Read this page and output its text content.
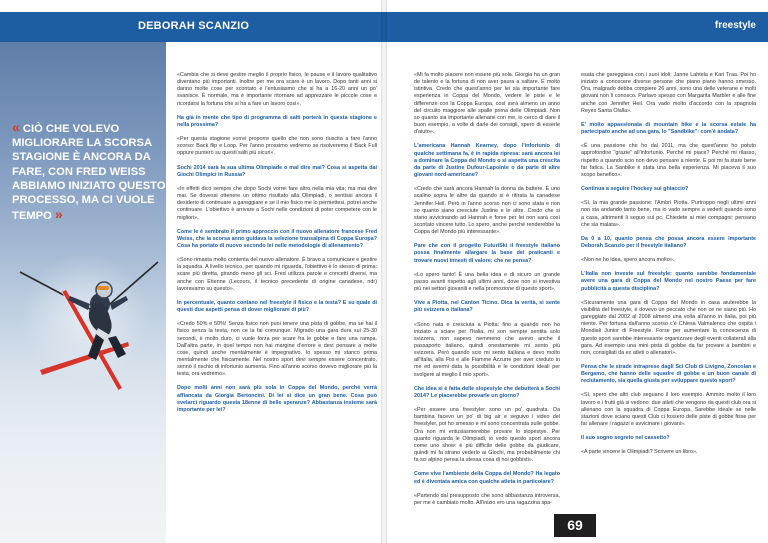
DEBORAH SCANZIO
« CIÒ CHE VOLEVO MIGLIORARE LA SCORSA STAGIONE È ANCORA DA FARE, CON FRED WEISS ABBIAMO INIZIATO QUESTO PROCESSO, MA CI VUOLE TEMPO »

«Cambia che si deve gestire meglio il proprio fisico, le pause e il lavoro qualitativo diventano più importanti. Inoltre per me ora scare è un lavoro. Dopo tanti anni si danno molte cose per scontato e l'entusiasmo che si ha a 16-20 anni un po' svanisce. È normale, ma è importante ritornare ad apprezzare le piccole cose e ricordarsi la fortuna che si ha a fare un lavoro così».

Ha già in mente che tipo di programma di salti porterà in questa stagione e nella prossima?

«Per questa stagione vorrei proporre quello che non sono riuscita a fare l'anno scorso: Back flip e Loop. Per l'anno prossimo vedremo se risolveremo il Back Full oppure punterò su questi salti più sicuri».

Sochi 2014 sarà la sua ultima Olimpiade o mai dire mai? Cosa si aspetta dai Giochi Olimpici in Russia?

«In effetti dico sempre che dopo Sochi vorrei fare altro nella mia vita; ma mai dire mai. Se dovessi ottenere un ottimo risultato alla Olimpiadi, o sentissi ancora il desiderio di continuare a gareggiare e se il mio fisico me lo permettesi, potrei anche continuare. L'obiettivo è arrivare a Sochi nelle condizioni di poter competere con le migliori».

Come le è sembrato il primo approccio con il nuovo allenatore francese Fred Weiss, che la scorsa anno guidava la selezione transalpina di Coppa Europa? Cosa ha portato di nuovo secondo lei nelle metodologie di allenamento?

«Sono rimasta molto contenta del nuovo allenatore. È bravo a comunicare e gestire la squadra. A livello tecnico, per quando mi riguarda, l'obiettivo è lo stesso di prima: scare più diretta, girando meno gli sci. Fred utilizza parole e concetti diversi, ma anche con Etienne (Lecours, il tecnico precedente di origine canadese, ndr) lavoravamo su questo».

In percentuale, quanto contano nel freestyle il fisico e la testa? E su quale di questi due aspetti pensa di dover migliorare di più?

«Credo 50% e 50%! Senza fisico non puoi tenere una pista di gobbe, ma se hai il fisico senza la testa, non ce la fai comunque. Migrado una gara dura sui 25-30 secondi, è molto duro, ci vuole forza per scare fra le gobbe e fare una rampa. Dall'altra parte, in quel tempo non hai margine d'errore e devi pensare a molte cose, quindi anche mentalmente è impegnativo. Io spesso mi stanco prima mentalmente che fisicamente. Nel nostro sport devi sempre essere concentrato, sennò il rischio di infortunio aumenta. Fino all'anno scorso dovevo migliorare più la testa, ora vedremo».

Dopo molti anni non sarà più sola in Coppa del Mondo, perché verrà affiancata da Giorgia Bertoncini. Di lei si dice un gran bene. Cosa può svelarci riguardo questa 18enne di belle speranze? Abbastanza insieme sarà importante per lei?

freestyle

«Mi fa molto piacere non essere più sola. Giorgia ha un gran de talento e la fortuna di non aver paura a saltare. È molto istintiva. Credo che quest'anno per lei sia importante fare esperienza in Coppa del Mondo, vedere le piste e le differenze con la Coppa Europa, così avrà almeno un anno del circuito maggiore alle spalle prima delle Olimpiadi. Non so quanto sia importante allenarsi con me, io cerco di dare il buon esempio, a volte di darle dei consigli, spero di esserle d'aiuto».

L'americana Hannah Kearney, dopo l'infortunio di qualche settimana fa, è in rapida ripresa: sarà ancora lei a dominare la Coppa del Mondo o si aspetta una crescita da parte di Justine Dufour-Lapointe o da parte di altre giovani nord-americane?

«Credo che sarà ancora Hannah la donna da battere. È uno scalino sopra le altre da quando si è ritirata la canadese Jennifer Heil. Però in l'anno scorso non ci sono stata e non so quanto siano cresciute Justine e le altre. Credo che si stano avvicinando ad Hannah e forse per lei non sarà così scontato vincere tutto. Lo spero, anche perché renderebbe la Coppa del Mondo più interessante».

Pare che con il progetto FuturiSki il freestyle italiano possa finalmente allargare la base dei praticanti e trovare nuovi innesti di valore: che ne pensa?

«Lo spero tanto! È una bella idea e di sicuro un grande passo avanti rispetto agli ultimi anni, dove non si investiva più nei settori giovanili e nella promozione di questo sport».

Vive a Piotta, nel Canton Ticino. Dica la verità, si sente più svizzera o italiana?

«Sono nata e cresciuta a Piotta: fino a quando non ho iniziato a sciare per l'Italia, mi son sempre sentita solo svizzera, non sapevo nemmeno che avevo anche il passaporto italiano, quindi onestamente mi sento più svizzera. Però quando scio mi sento italiana e devo molto all'Italia, alla Fisi e alle Fiamme Azzurre per aver creduto in me ed avermi data la possibilità e le condizioni ideali per svolgere al meglio il mio sport».

Che idea si è fatta delle slopestyle che debutterà a Sochi 2014? Le piacerebbe provarle un giorno?

«Per essere una freestyler sono un po' quadrata. Da bambina facevo un po' di big air e seguivo i video del freestyler, poi ho smesso e mi sono concentrata sulle gobbe. Ora non mi entusiasmerebbe provare lo slopestye. Per quanto riguarda le Olimpiadi, io vedo questo sport ancora come uno show: è più difficile delle gobbe da giudicare, quindi mi fa strano vederlo ai Giochi, ma probabilmente chi fa sci alpino pensa la stessa cosa di noi gobbisti».

Come vive l'ambiente della Coppa del Mondo? Ha legato ed è diventata amica con qualche atleta in particolare?

«Partendo dal presupposto che sono abbastanza introversa, per me è cambiato molto. All'inizio ero una ragazzina spa-

esata che gareggiava con i suoi idoli: Janne Lahtela e Kari Traa. Poi ho iniziato a conoscere diverse persone che piano piano hanno smesso. Ora, malgrado debba compiere 26 anni, sono una delle veterane e molti giovani non li conosco. Parlavo spesso con Margarita Marbler e alle fine anche con Jennifer Heil. Ora vado molto d'accordo con la spagnola Reyes Santa Olalla».

E' molto appassionata di mountain bike e la scorsa estate ha partecipato anche ad una gara, lo "Sandbike": com'è andata?

«È una passione che ho dal 2011, ma che quest'anno ho potuto approfondire "grazie" all'infortunio. Perché mi piace? Perché mi rilasso, rispetto a quando scio non devo pensare a niente. E poi mi fa stare bene far fatica. La Sanbike è stata una bella esperienza. Mi piacevа il suo scopo benefico».

Continua a seguire l'hockey sul ghiaccio?

«Sì, la mia grande passione: l'Ambrì Piotta. Purtroppo negli ultimi anni non sta andando tanto bene, ma io vado sempre a vederli quando sono a casa, altrimenti li seguo sul pc. Chiedete ai miei compagni: pensano che sia malata».

Da 0 a 10, quanto pensa che possa ancora essere importante Deborah Scanzio per il freestyle italiano?

«Non ne ho idea, spero ancora molto».

L'Italia non investe sul freestyle: quanto sarebbe fondamentale avere una gara di Coppa del Mondo nel nostro Paese per fare pubblicità a questa disciplina?

«Sicuramente una gara di Coppa del Mondo in casa aiuterebbe la visibilità del freestyle, è dovevo un peccato che non ce ne siano più. Ho gareggiato dal 2002 al 2008 almeno una volta all'anno in Italia, poi più niente. Per fortuna dall'anno scorso c'è Chiesa Valmalenco che ospita i Mondiali Junior di Freestyle. Forse per aumentare la conoscenza di questo sport sarebbe interessante organizzare degli eventi collaterali alla gara. Ad esempio una mini pista di gobbe da far provare a bambini e non, consigliati da ex atleti o allenatori».

Pensa che le strade intraprese dagli Sci Club di Livigno, Zoncolan e Bergamo, che hanno delle squadre di gobbe e un buon canale di reclutamento, sia quella giusta per sviluppare questo sport?

«Sì, spero che altri club seguano il loro esempio. Ammiro molto il loro lavoro e i frutti già si vedono: due atleti che vengono da questi club ora si allenano con la squadra di Coppa Europa. Sarebbe ideale se nelle stazioni dove sciano questi Club ci fossero delle piste di gobbe fisse per far allenare i ragazzi e avvicinare i giovani».

Il suo sogno segreto nel cassetto?

«A parte vincere le Olimpiadi? Scrivere un libro».

69
